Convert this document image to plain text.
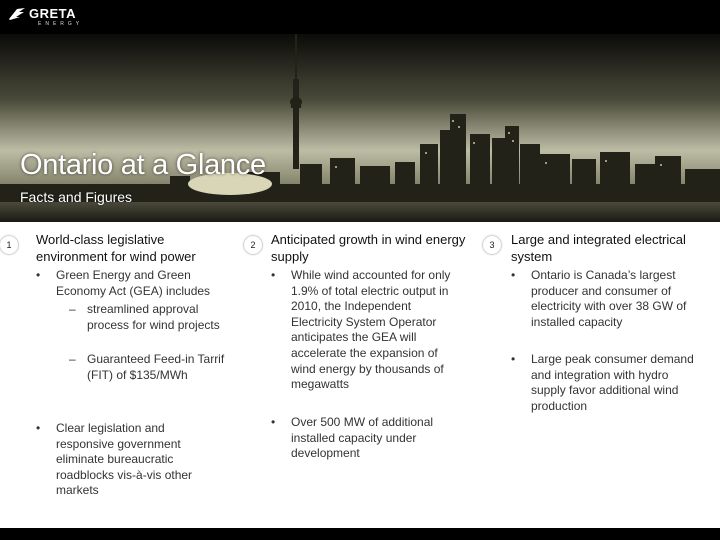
GRETA
ENERGY
Ontario at a Glance
Facts and Figures
1	World-class legislative environment for wind power
• Green Energy and Green Economy Act (GEA) includes
– streamlined approval process for wind projects
– Guaranteed Feed-in Tarrif (FIT) of $135/MWh
• Clear legislation and responsive government eliminate bureaucratic roadblocks vis-à-vis other markets
2	Anticipated growth in wind energy supply
• While wind accounted for only 1.9% of total electric output in 2010, the Independent Electricity System Operator anticipates the GEA will accelerate the expansion of wind energy by thousands of megawatts
• Over 500 MW of additional installed capacity under development
3	Large and integrated electrical system
• Ontario is Canada’s largest producer and consumer of electricity with over 38 GW of installed capacity
• Large peak consumer demand and integration with hydro supply favor additional wind production
